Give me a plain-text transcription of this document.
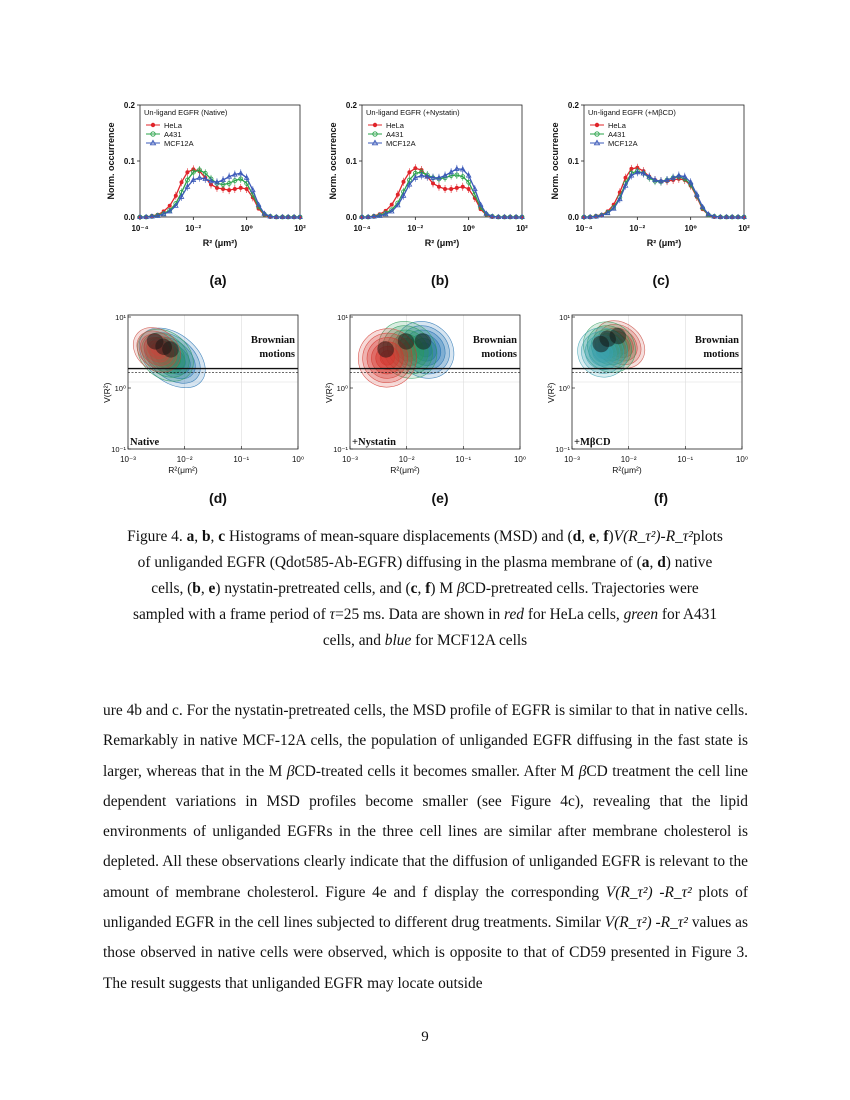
0.0
0.1
0.2
10⁻⁴	10⁻²	10⁰	10²
R² (μm²)
Norm. occurrence
Un-ligand EGFR (Native)
HeLa
A431
MCF12A
0.0
0.1
0.2
10⁻⁴	10⁻²	10⁰	10²
R² (μm²)
Norm. occurrence
Un-ligand EGFR (+Nystatin)
HeLa
A431
MCF12A
0.0
0.1
0.2
10⁻⁴	10⁻²	10⁰	10²
R² (μm²)
Norm. occurrence
Un-ligand EGFR (+MβCD)
HeLa
A431
MCF12A
(a)	(b)	(c)
Brownian
motions
Native
10⁻¹
10⁰
10¹
10⁻³	10⁻²	10⁻¹	10⁰
R²(μm²)
V(R²)
Brownian
motions
+Nystatin
10⁻¹
10⁰
10¹
10⁻³	10⁻²	10⁻¹	10⁰
R²(μm²)
V(R²)
Brownian
motions
+MβCD
10⁻¹
10⁰
10¹
10⁻³	10⁻²	10⁻¹	10⁰
R²(μm²)
V(R²)
(d)	(e)	(f)
Figure 4. a, b, c Histograms of mean-square displacements (MSD) and (d, e, f)V(R_τ²)-R_τ²plots
of unliganded EGFR (Qdot585-Ab-EGFR) diffusing in the plasma membrane of (a, d) native
cells, (b, e) nystatin-pretreated cells, and (c, f) M βCD-pretreated cells. Trajectories were
sampled with a frame period of τ=25 ms. Data are shown in red for HeLa cells, green for A431
cells, and blue for MCF12A cells

ure 4b and c. For the nystatin-pretreated cells, the MSD profile of EGFR is similar to that in native cells. Remarkably in native MCF-12A cells, the population of unliganded EGFR diffusing in the fast state is larger, whereas that in the M βCD-treated cells it becomes smaller. After M βCD treatment the cell line dependent variations in MSD profiles become smaller (see Figure 4c), revealing that the lipid environments of unliganded EGFRs in the three cell lines are similar after membrane cholesterol is depleted. All these observations clearly indicate that the diffusion of unliganded EGFR is relevant to the amount of membrane cholesterol. Figure 4e and f display the corresponding V(R_τ²) -R_τ² plots of unliganded EGFR in the cell lines subjected to different drug treatments. Similar V(R_τ²) -R_τ² values as those observed in native cells were observed, which is opposite to that of CD59 presented in Figure 3. The result suggests that unliganded EGFR may locate outside

9
